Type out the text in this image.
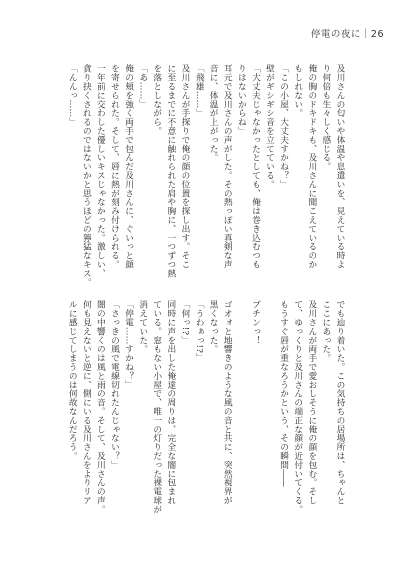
停電の夜に｜26

及川さんの匂いや体温や息遣いを、見えている時よ

り何倍も生々しく感じる。

俺の胸のドキドキも、及川さんに聞こえているのか

もしれない。

「この小屋、大丈夫すかね？」

壁がギシギシ音を立てている。

「大丈夫じゃなかったとしても、俺は巻き込むつも

りはないからね」

耳元で及川さんの声がした。その熱っぽい真剣な声

音に、体温が上がった。

「飛雄……」

及川さんが手探りで俺の顔の位置を探し出す。そこ

に至るまでに不意に触れられた肩や胸に、一つずつ熱

を落としながら。

「あ……」

俺の頬を強く両手で包んだ及川さんに、ぐいっと顔

を寄せられた。そして、唇に熱が刻み付けられる。

一年前に交わした優しいキスじゃなかった。激しい、

貪り抉くされるのではないかと思うほどの獰猛なキス。

「んんっ……」

でも辿り着いた。この気持ちの居場所は、ちゃんと

ここにあった。

及川さんが両手で愛おしそうに俺の顔を包む。そし

て、ゆっくりと及川さんの端正な顔が近付いてくる。

もうすぐ唇が重なろうかという、その瞬間――

ブチンっ！

ゴオォと地響きのような風の音と共に、突然視界が

黒くなった。

「うわぁっ!?」

「何っ!?」

同時に声を出した俺達の周りは、完全な闇に包まれ

ている。窓もない小屋で、唯一の灯りだった裸電球が

消えていた。

「停電……すかね？」

「さっきの風で電線切れたんじゃない？」

闇の中響くのは風と雨の音。そして、及川さんの声。

何も見えないと逆に、側にいる及川さんをよりリア

ルに感じてしまうのは何故なんだろう。
